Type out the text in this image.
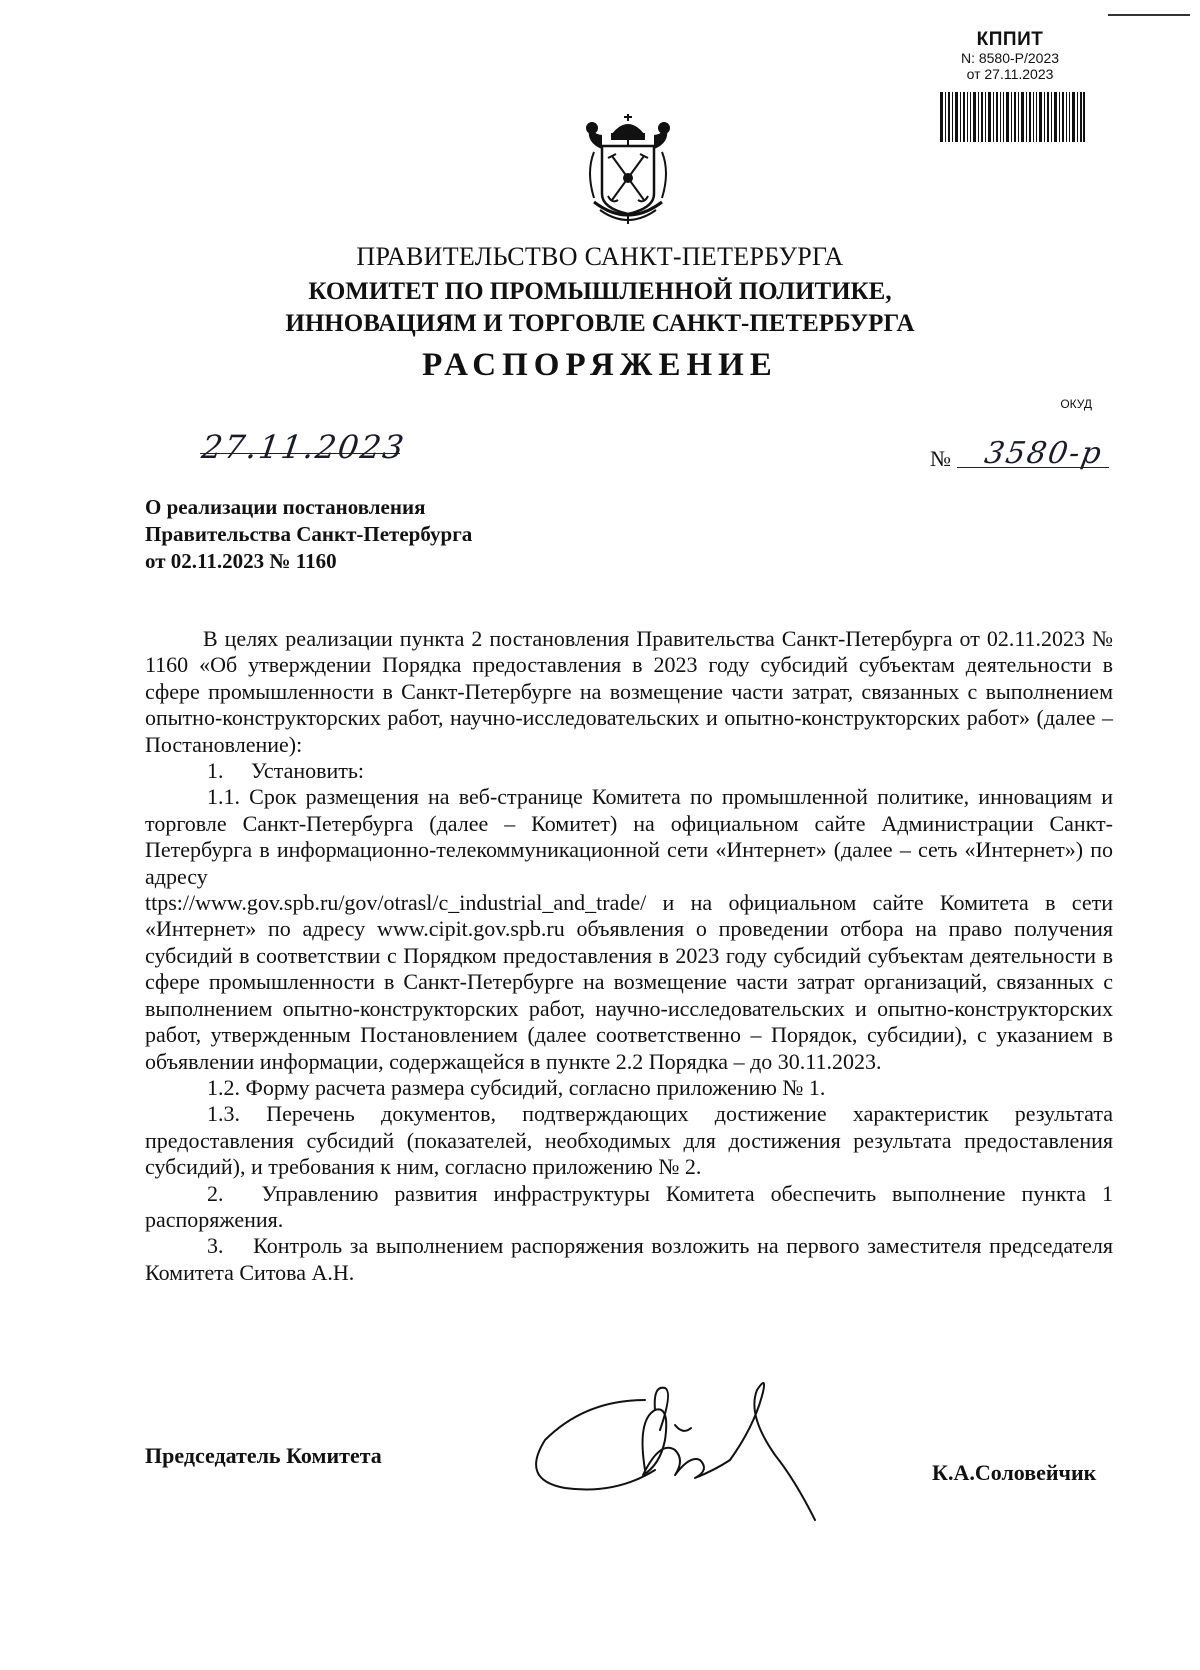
КППИТ
N: 8580-Р/2023
от 27.11.2023
ПРАВИТЕЛЬСТВО САНКТ-ПЕТЕРБУРГА
КОМИТЕТ ПО ПРОМЫШЛЕННОЙ ПОЛИТИКЕ,
ИННОВАЦИЯМ И ТОРГОВЛЕ САНКТ-ПЕТЕРБУРГА
РАСПОРЯЖЕНИЕ
ОКУД
27.11.2023	№ 3580-р
О реализации постановления
Правительства Санкт-Петербурга
от 02.11.2023 № 1160

В целях реализации пункта 2 постановления Правительства Санкт-Петербурга от 02.11.2023 № 1160 «Об утверждении Порядка предоставления в 2023 году субсидий субъектам деятельности в сфере промышленности в Санкт-Петербурге на возмещение части затрат, связанных с выполнением опытно-конструкторских работ, научно-исследовательских и опытно-конструкторских работ» (далее – Постановление):

1.  Установить:

1.1. Срок размещения на веб-странице Комитета по промышленной политике, инновациям и торговле Санкт-Петербурга (далее – Комитет) на официальном сайте Администрации Санкт-Петербурга в информационно-телекоммуникационной сети «Интернет» (далее – сеть «Интернет») по адресу

ttps://www.gov.spb.ru/gov/otrasl/c_industrial_and_trade/ и на официальном сайте Комитета в сети «Интернет» по адресу www.cipit.gov.spb.ru объявления о проведении отбора на право получения субсидий в соответствии с Порядком предоставления в 2023 году субсидий субъектам деятельности в сфере промышленности в Санкт-Петербурге на возмещение части затрат организаций, связанных с выполнением опытно-конструкторских работ, научно-исследовательских и опытно-конструкторских работ, утвержденным Постановлением (далее соответственно – Порядок, субсидии), с указанием в объявлении информации, содержащейся в пункте 2.2 Порядка – до 30.11.2023.

1.2. Форму расчета размера субсидий, согласно приложению № 1.

1.3. Перечень документов, подтверждающих достижение характеристик результата предоставления субсидий (показателей, необходимых для достижения результата предоставления субсидий), и требования к ним, согласно приложению № 2.

2.  Управлению развития инфраструктуры Комитета обеспечить выполнение пункта 1 распоряжения.

3.  Контроль за выполнением распоряжения возложить на первого заместителя председателя Комитета Ситова А.Н.

Председатель Комитета
К.А.Соловейчик
